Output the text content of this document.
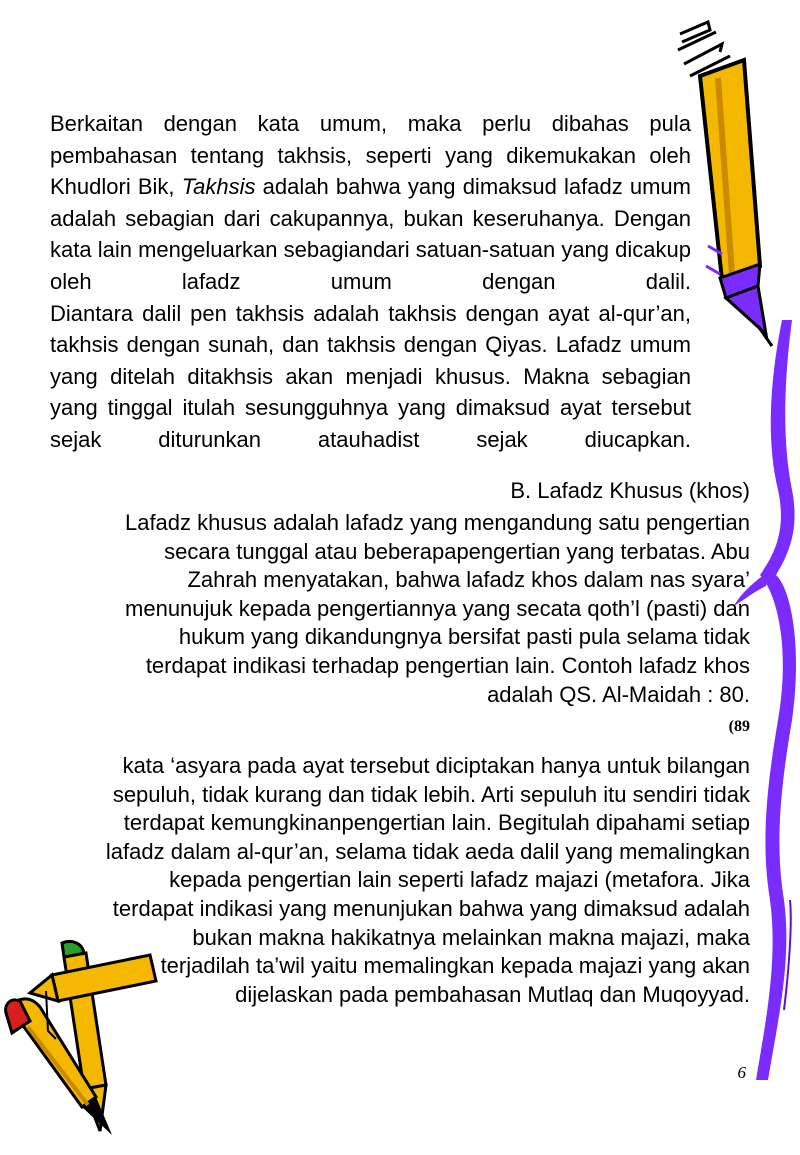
Berkaitan dengan kata umum, maka perlu dibahas pula
pembahasan tentang takhsis, seperti yang dikemukakan oleh
Khudlori Bik, Takhsis adalah bahwa yang dimaksud lafadz umum
adalah sebagian dari cakupannya, bukan keseruhanya. Dengan
kata lain mengeluarkan sebagiandari satuan-satuan yang dicakup
oleh lafadz umum dengan dalil.
Diantara dalil pen takhsis adalah takhsis dengan ayat al-qur’an,
takhsis dengan sunah, dan takhsis dengan Qiyas. Lafadz umum
yang ditelah ditakhsis akan menjadi khusus. Makna sebagian
yang tinggal itulah sesungguhnya yang dimaksud ayat tersebut
sejak diturunkan atauhadist sejak diucapkan.

B. Lafadz Khusus (khos)

Lafadz khusus adalah lafadz yang mengandung satu pengertian
secara tunggal atau beberapapengertian yang terbatas. Abu
Zahrah menyatakan, bahwa lafadz khos dalam nas syara’
menunujuk kepada pengertiannya yang secata qoth’l (pasti) dan
hukum yang dikandungnya bersifat pasti pula selama tidak
terdapat indikasi terhadap pengertian lain. Contoh lafadz khos
adalah QS. Al-Maidah : 80.

(89

kata ‘asyara pada ayat tersebut diciptakan hanya untuk bilangan
sepuluh, tidak kurang dan tidak lebih. Arti sepuluh itu sendiri tidak
terdapat kemungkinanpengertian lain. Begitulah dipahami setiap
lafadz dalam al-qur’an, selama tidak aeda dalil yang memalingkan
kepada pengertian lain seperti lafadz majazi (metafora. Jika
terdapat indikasi yang menunjukan bahwa yang dimaksud adalah
bukan makna hakikatnya melainkan makna majazi, maka
terjadilah ta’wil yaitu memalingkan kepada majazi yang akan
dijelaskan pada pembahasan Mutlaq dan Muqoyyad.

6
